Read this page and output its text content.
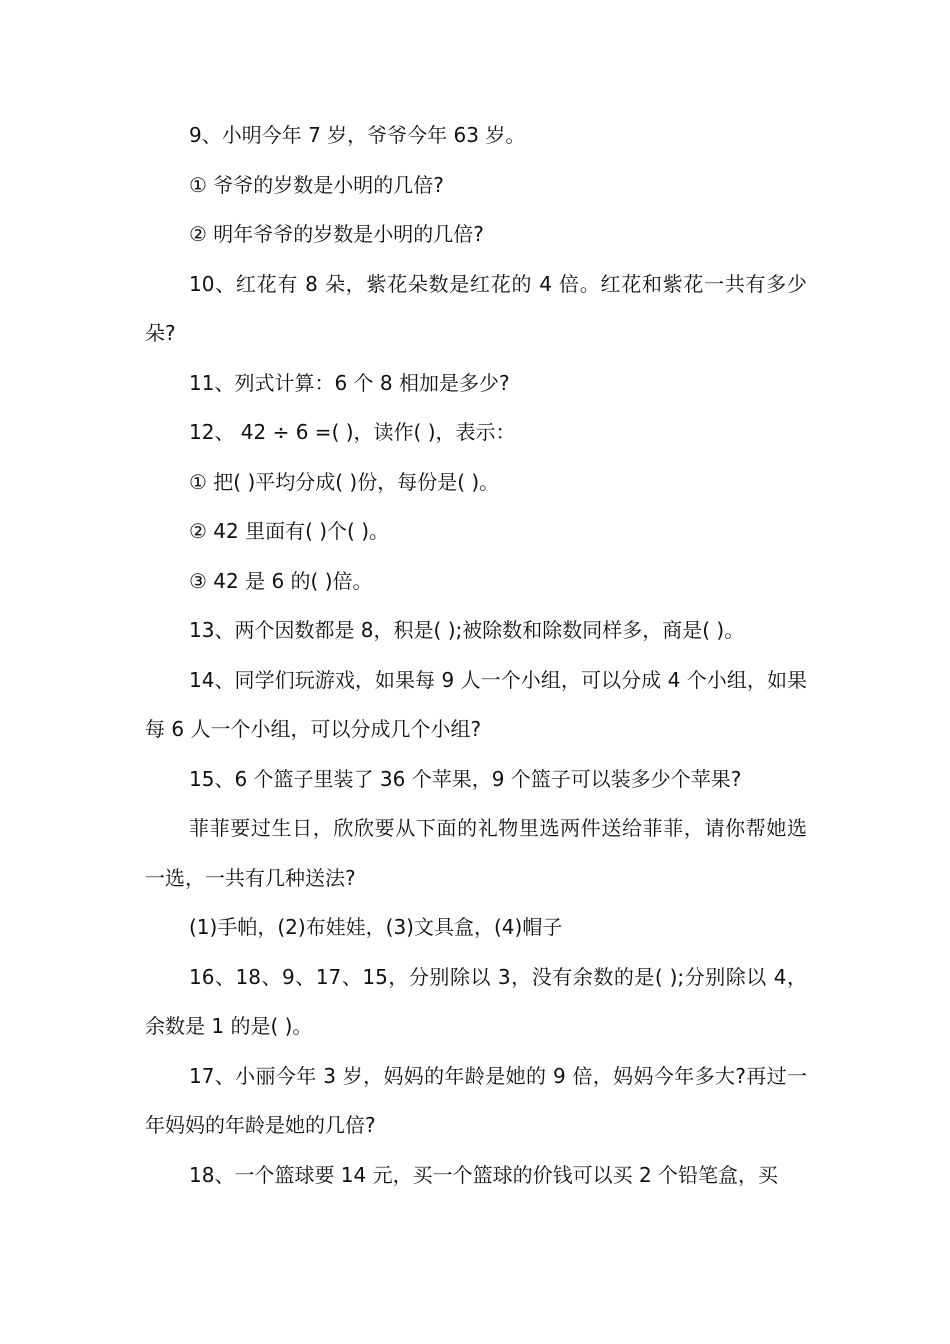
9、小明今年 7 岁，爷爷今年 63 岁。

① 爷爷的岁数是小明的几倍?

② 明年爷爷的岁数是小明的几倍?

10、红花有 8 朵，紫花朵数是红花的 4 倍。红花和紫花一共有多少朵?

11、列式计算：6 个 8 相加是多少?

12、 42 ÷ 6 =( )，读作( )，表示：

① 把( )平均分成( )份，每份是( )。

② 42 里面有( )个( )。

③ 42 是 6 的( )倍。

13、两个因数都是 8，积是( );被除数和除数同样多，商是( )。

14、同学们玩游戏，如果每 9 人一个小组，可以分成 4 个小组，如果每 6 人一个小组，可以分成几个小组?

15、6 个篮子里装了 36 个苹果，9 个篮子可以装多少个苹果?

菲菲要过生日，欣欣要从下面的礼物里选两件送给菲菲，请你帮她选一选，一共有几种送法?

(1)手帕，(2)布娃娃，(3)文具盒，(4)帽子

16、18、9、17、15，分别除以 3，没有余数的是( );分别除以 4，余数是 1 的是( )。

17、小丽今年 3 岁，妈妈的年龄是她的 9 倍，妈妈今年多大?再过一年妈妈的年龄是她的几倍?

18、一个篮球要 14 元，买一个篮球的价钱可以买 2 个铅笔盒，买
